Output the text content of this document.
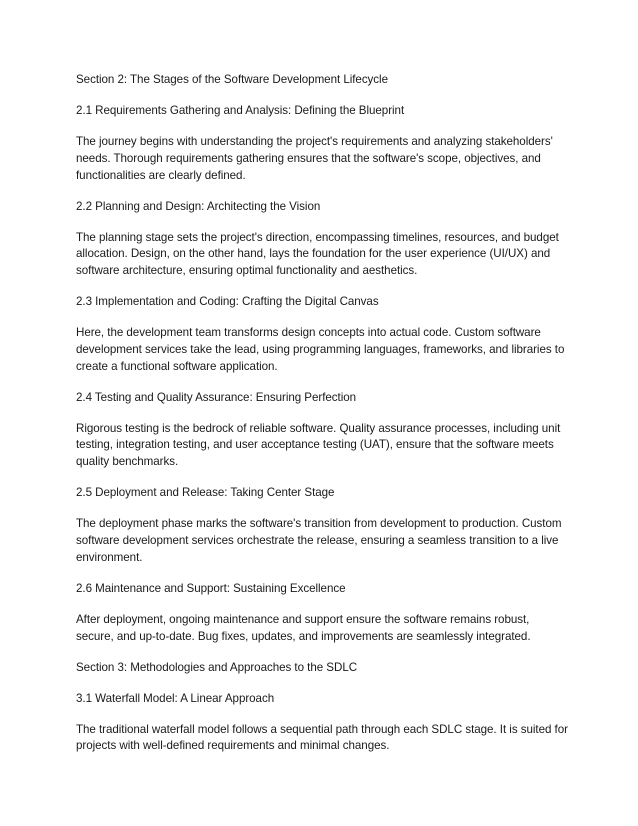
Section 2: The Stages of the Software Development Lifecycle

2.1 Requirements Gathering and Analysis: Defining the Blueprint

The journey begins with understanding the project's requirements and analyzing stakeholders' needs. Thorough requirements gathering ensures that the software's scope, objectives, and functionalities are clearly defined.

2.2 Planning and Design: Architecting the Vision

The planning stage sets the project's direction, encompassing timelines, resources, and budget allocation. Design, on the other hand, lays the foundation for the user experience (UI/UX) and software architecture, ensuring optimal functionality and aesthetics.

2.3 Implementation and Coding: Crafting the Digital Canvas

Here, the development team transforms design concepts into actual code. Custom software development services take the lead, using programming languages, frameworks, and libraries to create a functional software application.

2.4 Testing and Quality Assurance: Ensuring Perfection

Rigorous testing is the bedrock of reliable software. Quality assurance processes, including unit testing, integration testing, and user acceptance testing (UAT), ensure that the software meets quality benchmarks.

2.5 Deployment and Release: Taking Center Stage

The deployment phase marks the software's transition from development to production. Custom software development services orchestrate the release, ensuring a seamless transition to a live environment.

2.6 Maintenance and Support: Sustaining Excellence

After deployment, ongoing maintenance and support ensure the software remains robust, secure, and up-to-date. Bug fixes, updates, and improvements are seamlessly integrated.

Section 3: Methodologies and Approaches to the SDLC

3.1 Waterfall Model: A Linear Approach

The traditional waterfall model follows a sequential path through each SDLC stage. It is suited for projects with well-defined requirements and minimal changes.
